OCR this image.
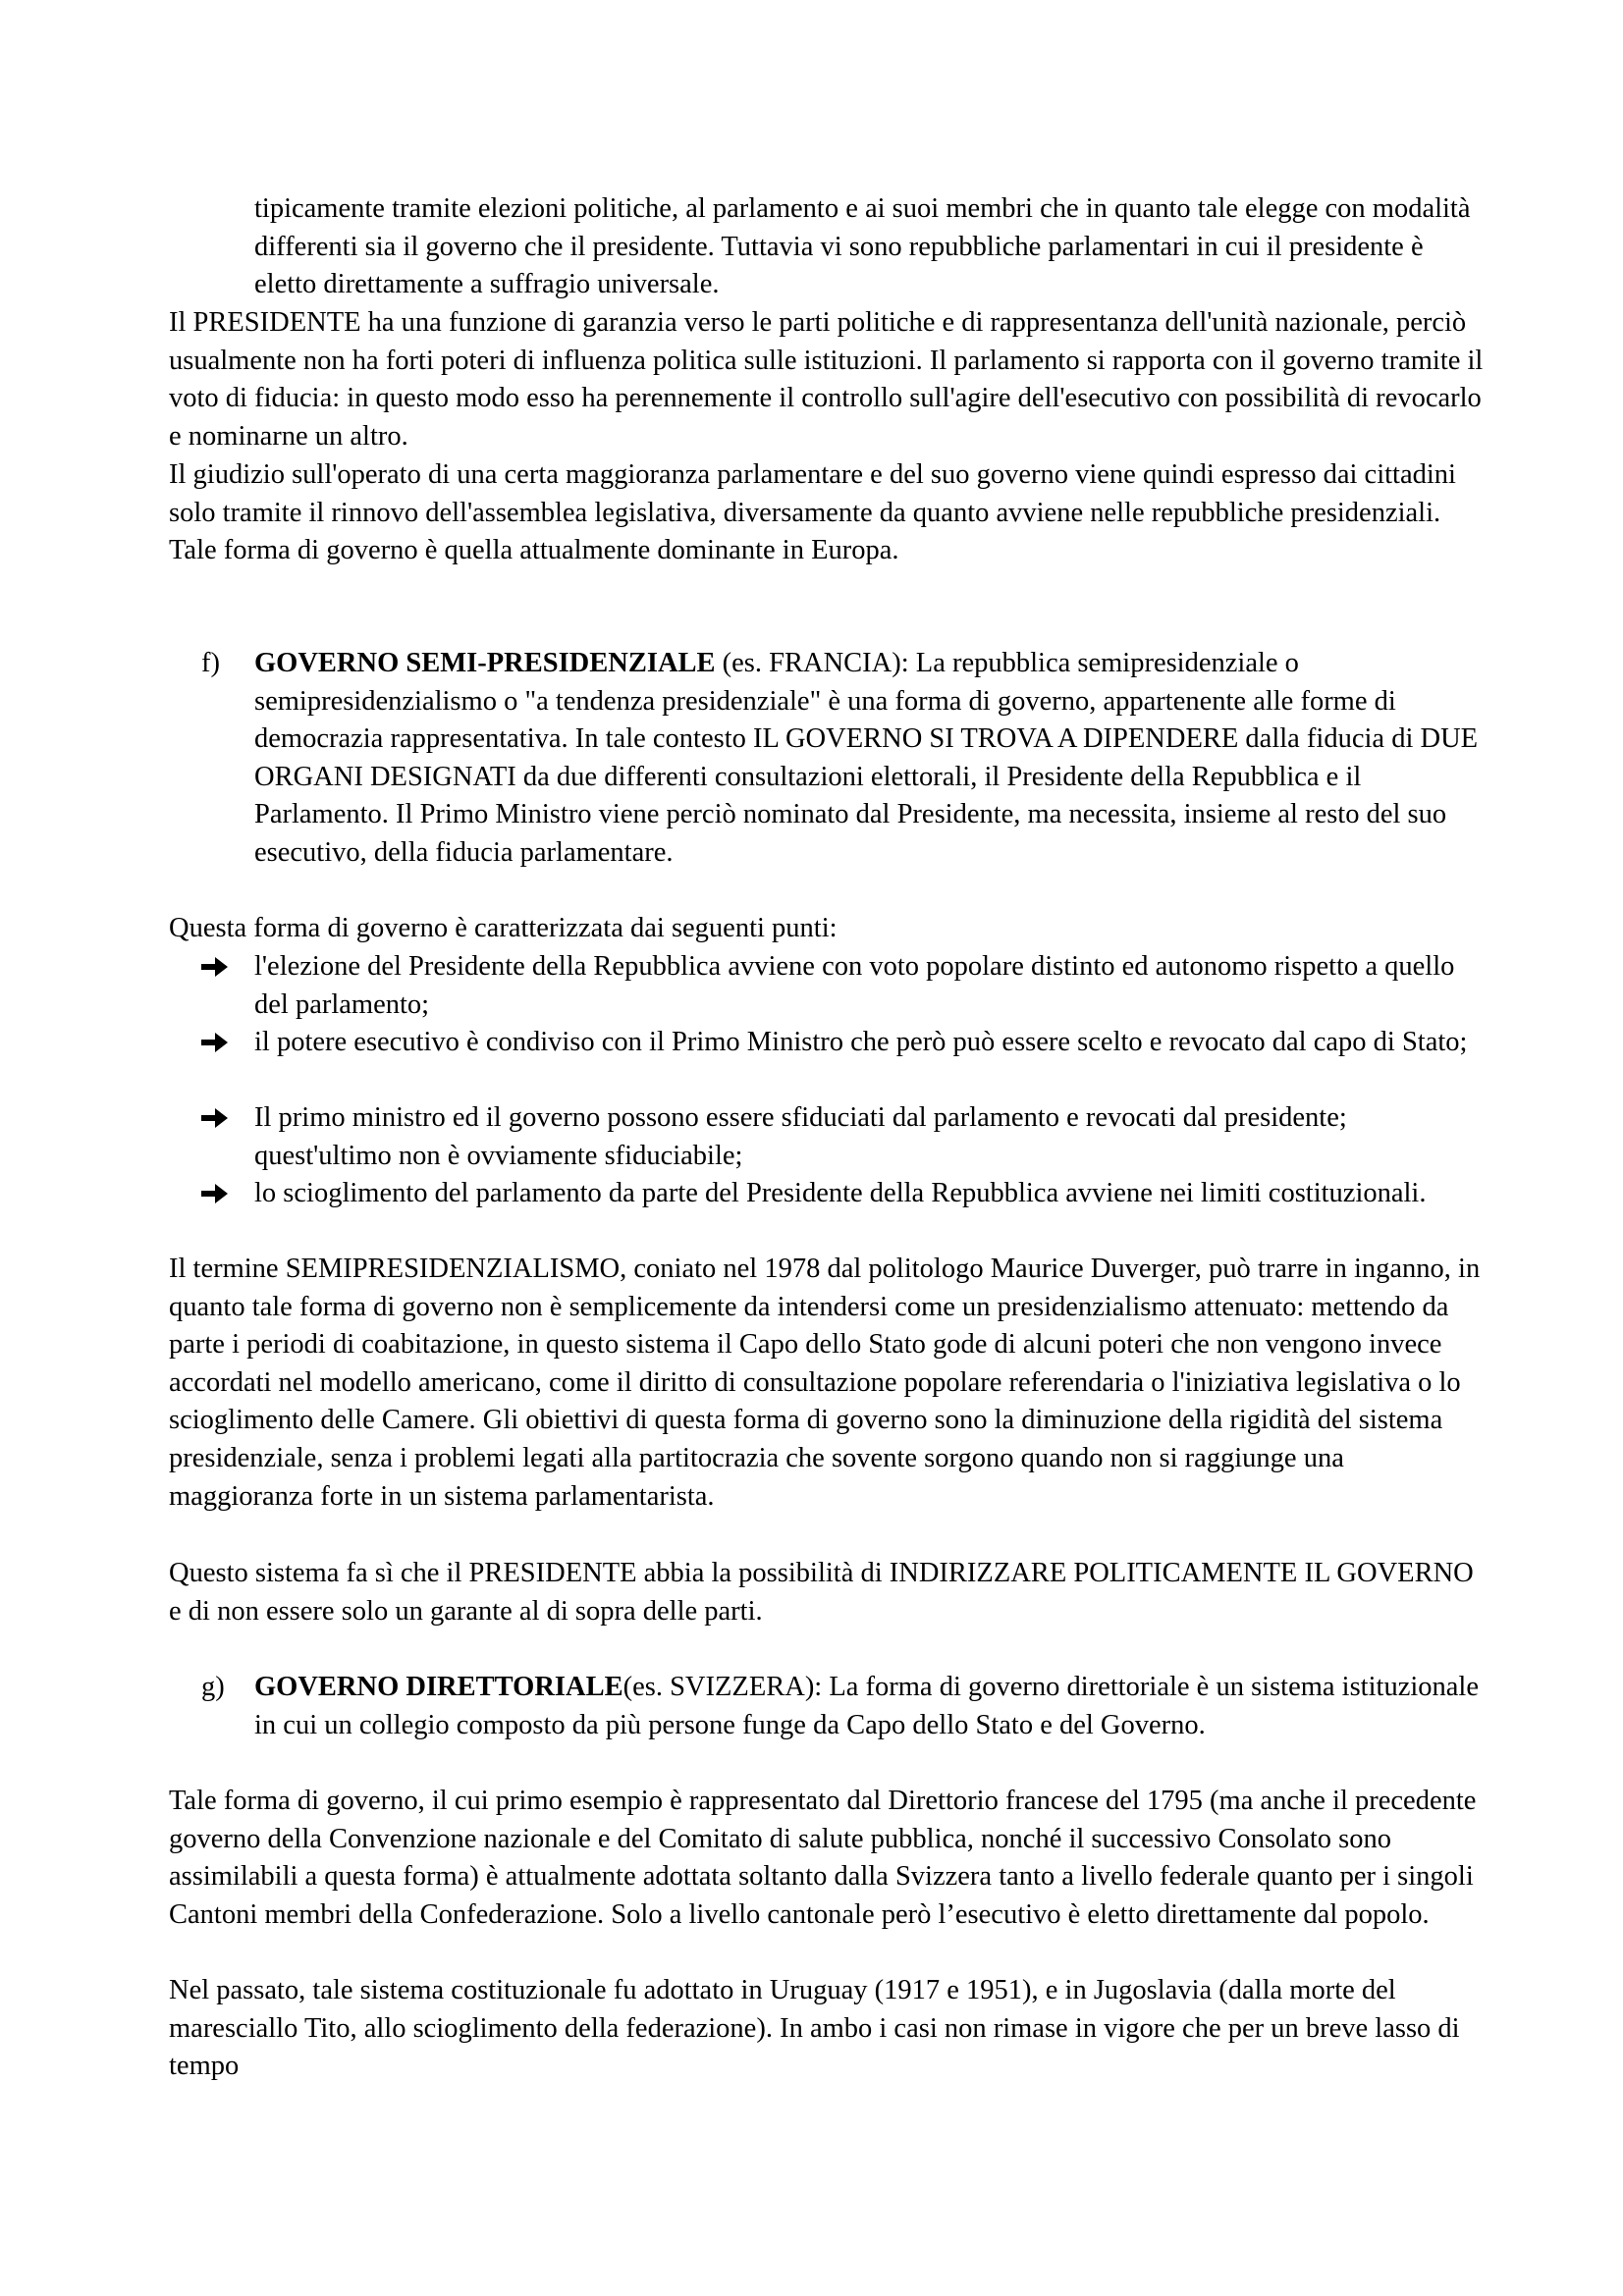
tipicamente tramite elezioni politiche, al parlamento e ai suoi membri che in quanto tale elegge con modalità differenti sia il governo che il presidente. Tuttavia vi sono repubbliche parlamentari in cui il presidente è eletto direttamente a suffragio universale.

Il PRESIDENTE ha una funzione di garanzia verso le parti politiche e di rappresentanza dell'unità nazionale, perciò usualmente non ha forti poteri di influenza politica sulle istituzioni. Il parlamento si rapporta con il governo tramite il voto di fiducia: in questo modo esso ha perennemente il controllo sull'agire dell'esecutivo con possibilità di revocarlo e nominarne un altro.

Il giudizio sull'operato di una certa maggioranza parlamentare e del suo governo viene quindi espresso dai cittadini solo tramite il rinnovo dell'assemblea legislativa, diversamente da quanto avviene nelle repubbliche presidenziali. Tale forma di governo è quella attualmente dominante in Europa.

f)	GOVERNO SEMI-PRESIDENZIALE (es. FRANCIA): La repubblica semipresidenziale o semipresidenzialismo o "a tendenza presidenziale" è una forma di governo, appartenente alle forme di democrazia rappresentativa. In tale contesto IL GOVERNO SI TROVA A DIPENDERE dalla fiducia di DUE ORGANI DESIGNATI da due differenti consultazioni elettorali, il Presidente della Repubblica e il Parlamento. Il Primo Ministro viene perciò nominato dal Presidente, ma necessita, insieme al resto del suo esecutivo, della fiducia parlamentare.

Questa forma di governo è caratterizzata dai seguenti punti:

l'elezione del Presidente della Repubblica avviene con voto popolare distinto ed autonomo rispetto a quello del parlamento;

il potere esecutivo è condiviso con il Primo Ministro che però può essere scelto e revocato dal capo di Stato;

Il primo ministro ed il governo possono essere sfiduciati dal parlamento e revocati dal presidente; quest'ultimo non è ovviamente sfiduciabile;

lo scioglimento del parlamento da parte del Presidente della Repubblica avviene nei limiti costituzionali.

Il termine SEMIPRESIDENZIALISMO, coniato nel 1978 dal politologo Maurice Duverger, può trarre in inganno, in quanto tale forma di governo non è semplicemente da intendersi come un presidenzialismo attenuato: mettendo da parte i periodi di coabitazione, in questo sistema il Capo dello Stato gode di alcuni poteri che non vengono invece accordati nel modello americano, come il diritto di consultazione popolare referendaria o l'iniziativa legislativa o lo scioglimento delle Camere. Gli obiettivi di questa forma di governo sono la diminuzione della rigidità del sistema presidenziale, senza i problemi legati alla partitocrazia che sovente sorgono quando non si raggiunge una maggioranza forte in un sistema parlamentarista.

Questo sistema fa sì che il PRESIDENTE abbia la possibilità di INDIRIZZARE POLITICAMENTE IL GOVERNO e di non essere solo un garante al di sopra delle parti.

g)	GOVERNO DIRETTORIALE(es. SVIZZERA): La forma di governo direttoriale è un sistema istituzionale in cui un collegio composto da più persone funge da Capo dello Stato e del Governo.

Tale forma di governo, il cui primo esempio è rappresentato dal Direttorio francese del 1795 (ma anche il precedente governo della Convenzione nazionale e del Comitato di salute pubblica, nonché il successivo Consolato sono assimilabili a questa forma) è attualmente adottata soltanto dalla Svizzera tanto a livello federale quanto per i singoli Cantoni membri della Confederazione. Solo a livello cantonale però l’esecutivo è eletto direttamente dal popolo.

Nel passato, tale sistema costituzionale fu adottato in Uruguay (1917 e 1951), e in Jugoslavia (dalla morte del maresciallo Tito, allo scioglimento della federazione). In ambo i casi non rimase in vigore che per un breve lasso di tempo
